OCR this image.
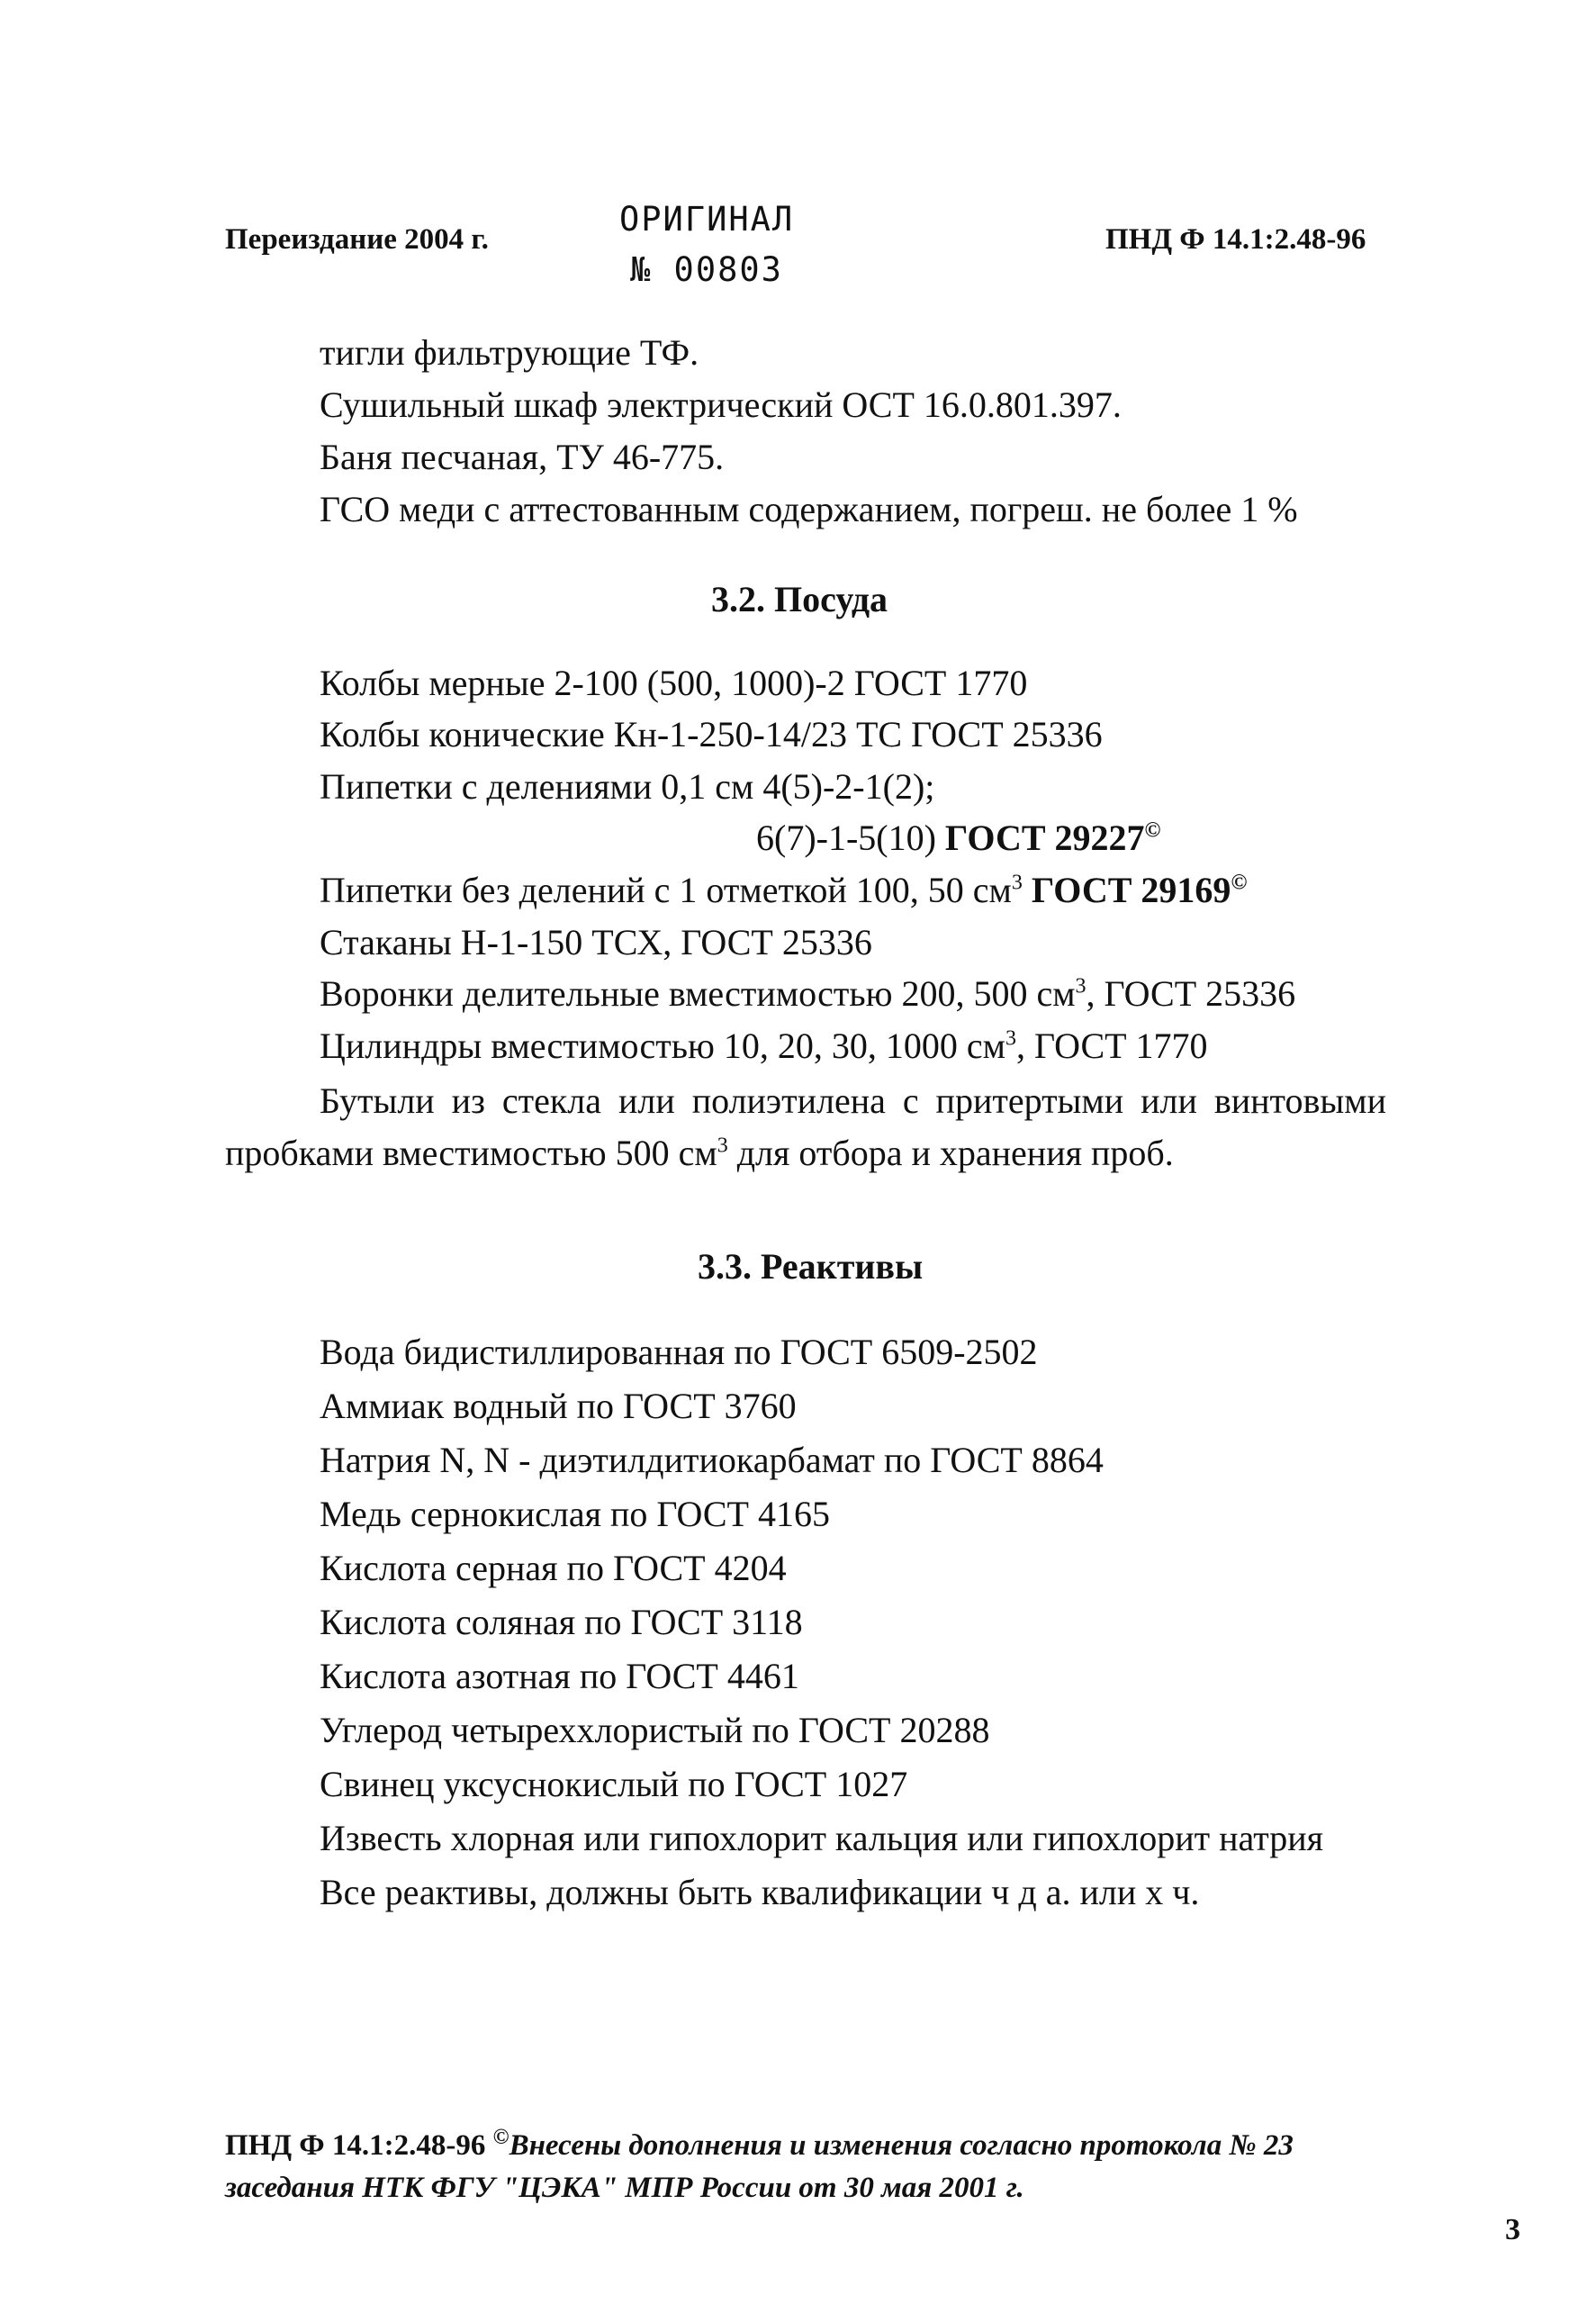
Переиздание 2004 г.
ОРИГИНАЛ
№ 00803
ПНД Ф 14.1:2.48-96
тигли фильтрующие ТФ.
Сушильный шкаф электрический ОСТ 16.0.801.397.
Баня песчаная, ТУ 46-775.
ГСО меди с аттестованным содержанием, погреш. не более 1 %
3.2. Посуда
Колбы мерные 2-100 (500, 1000)-2 ГОСТ 1770
Колбы конические Кн-1-250-14/23 ТС ГОСТ 25336
Пипетки с делениями 0,1 см 4(5)-2-1(2);
6(7)-1-5(10) ГОСТ 29227©
Пипетки без делений с 1 отметкой 100, 50 $см^3$ ГОСТ 29169©
Стаканы Н-1-150 ТСХ, ГОСТ 25336
Воронки делительные вместимостью 200, 500 $см^3$, ГОСТ 25336
Цилиндры вместимостью 10, 20, 30, 1000 $см^3$, ГОСТ 1770
Бутыли из стекла или полиэтилена с притертыми или винтовыми пробками вместимостью 500 $см^3$ для отбора и хранения проб.
3.3. Реактивы
Вода бидистиллированная по ГОСТ 6509-2502
Аммиак водный по ГОСТ 3760
Натрия N, N - диэтилдитиокарбамат по ГОСТ 8864
Медь сернокислая по ГОСТ 4165
Кислота серная по ГОСТ 4204
Кислота соляная по ГОСТ 3118
Кислота азотная по ГОСТ 4461
Углерод четыреххлористый по ГОСТ 20288
Свинец уксуснокислый по ГОСТ 1027
Известь хлорная или гипохлорит кальция или гипохлорит натрия
Все реактивы, должны быть квалификации ч д а. или х ч.
ПНД Ф 14.1:2.48-96 ©Внесены дополнения и изменения согласно протокола № 23
заседания НТК ФГУ "ЦЭКА" МПР России от 30 мая 2001 г.
3
